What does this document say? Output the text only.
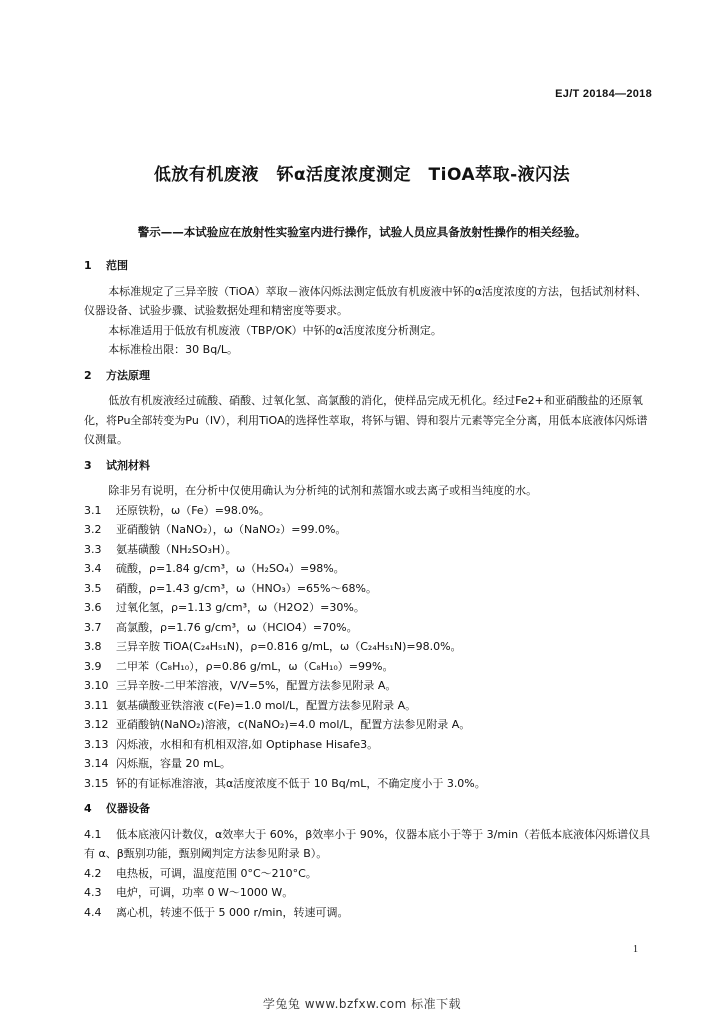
EJ/T 20184—2018
低放有机废液　钚α活度浓度测定　TiOA萃取-液闪法
警示——本试验应在放射性实验室内进行操作，试验人员应具备放射性操作的相关经验。
1 范围

本标准规定了三异辛胺（TiOA）萃取－液体闪烁法测定低放有机废液中钚的α活度浓度的方法，包括试剂材料、仪器设备、试验步骤、试验数据处理和精密度等要求。

本标准适用于低放有机废液（TBP/OK）中钚的α活度浓度分析测定。

本标准检出限：30 Bq/L。

2 方法原理

低放有机废液经过硫酸、硝酸、过氧化氢、高氯酸的消化，使样品完成无机化。经过Fe2+和亚硝酸盐的还原氧化，将Pu全部转变为Pu（IV），利用TiOA的选择性萃取，将钚与镅、锝和裂片元素等完全分离，用低本底液体闪烁谱仪测量。

3 试剂材料

除非另有说明，在分析中仅使用确认为分析纯的试剂和蒸馏水或去离子或相当纯度的水。

3.1	还原铁粉，ω（Fe）=98.0%。
3.2	亚硝酸钠（NaNO₂），ω（NaNO₂）=99.0%。
3.3	氨基磺酸（NH₂SO₃H）。
3.4	硫酸，ρ=1.84 g/cm³，ω（H₂SO₄）=98%。
3.5	硝酸，ρ=1.43 g/cm³，ω（HNO₃）=65%～68%。
3.6	过氧化氢，ρ=1.13 g/cm³，ω（H2O2）=30%。
3.7	高氯酸，ρ=1.76 g/cm³，ω（HClO4）=70%。
3.8	三异辛胺 TiOA(C₂₄H₅₁N)，ρ=0.816 g/mL，ω（C₂₄H₅₁N)=98.0%。
3.9	二甲苯（C₈H₁₀），ρ=0.86 g/mL，ω（C₈H₁₀）=99%。
3.10 三异辛胺-二甲苯溶液，V/V=5%，配置方法参见附录 A。
3.11 氨基磺酸亚铁溶液 c(Fe)=1.0 mol/L，配置方法参见附录 A。
3.12 亚硝酸钠(NaNO₂)溶液，c(NaNO₂)=4.0 mol/L，配置方法参见附录 A。
3.13 闪烁液，水相和有机相双溶,如 Optiphase Hisafe3。
3.14 闪烁瓶，容量 20 mL。
3.15 钚的有证标准溶液，其α活度浓度不低于 10 Bq/mL，不确定度小于 3.0%。
4 仪器设备
4.1 低本底液闪计数仪，α效率大于 60%，β效率小于 90%，仪器本底小于等于 3/min（若低本底液体闪烁谱仪具有 α、β甄别功能，甄别阈判定方法参见附录 B）。
4.2	电热板，可调，温度范围 0°C～210°C。
4.3	电炉，可调，功率 0 W～1000 W。
4.4	离心机，转速不低于 5 000 r/min，转速可调。
1
学兔兔 www.bzfxw.com 标准下载
